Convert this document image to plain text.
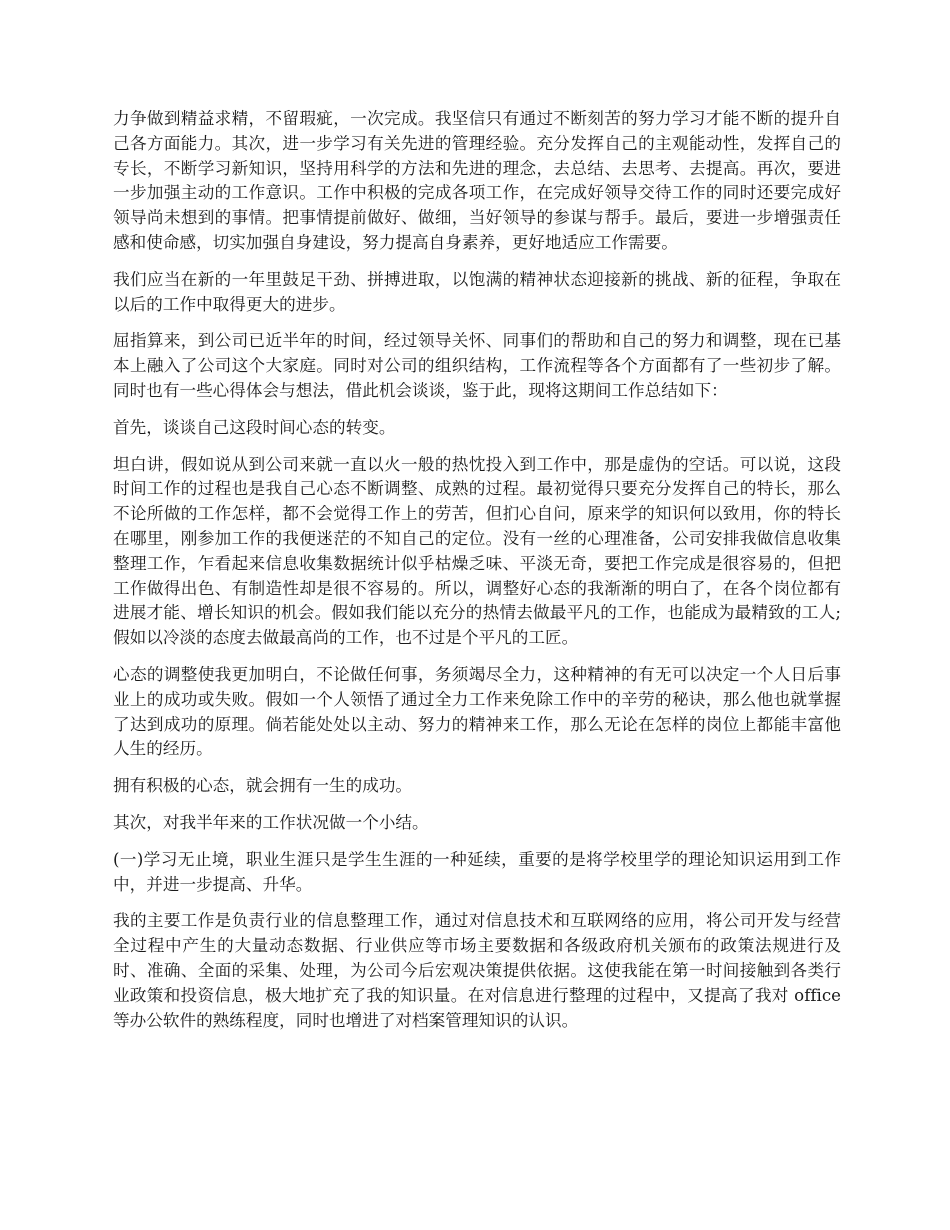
力争做到精益求精，不留瑕疵，一次完成。我坚信只有通过不断刻苦的努力学习才能不断的提升自己各方面能力。其次，进一步学习有关先进的管理经验。充分发挥自己的主观能动性，发挥自己的专长，不断学习新知识，坚持用科学的方法和先进的理念，去总结、去思考、去提高。再次，要进一步加强主动的工作意识。工作中积极的完成各项工作，在完成好领导交待工作的同时还要完成好领导尚未想到的事情。把事情提前做好、做细，当好领导的参谋与帮手。最后，要进一步增强责任感和使命感，切实加强自身建设，努力提高自身素养，更好地适应工作需要。

我们应当在新的一年里鼓足干劲、拼搏进取，以饱满的精神状态迎接新的挑战、新的征程，争取在以后的工作中取得更大的进步。

屈指算来，到公司已近半年的时间，经过领导关怀、同事们的帮助和自己的努力和调整，现在已基本上融入了公司这个大家庭。同时对公司的组织结构，工作流程等各个方面都有了一些初步了解。同时也有一些心得体会与想法，借此机会谈谈，鉴于此，现将这期间工作总结如下：

首先，谈谈自己这段时间心态的转变。

坦白讲，假如说从到公司来就一直以火一般的热忱投入到工作中，那是虚伪的空话。可以说，这段时间工作的过程也是我自己心态不断调整、成熟的过程。最初觉得只要充分发挥自己的特长，那么不论所做的工作怎样，都不会觉得工作上的劳苦，但扪心自问，原来学的知识何以致用，你的特长在哪里，刚参加工作的我便迷茫的不知自己的定位。没有一丝的心理准备，公司安排我做信息收集整理工作，乍看起来信息收集数据统计似乎枯燥乏味、平淡无奇，要把工作完成是很容易的，但把工作做得出色、有制造性却是很不容易的。所以，调整好心态的我渐渐的明白了，在各个岗位都有进展才能、增长知识的机会。假如我们能以充分的热情去做最平凡的工作，也能成为最精致的工人;假如以冷淡的态度去做最高尚的工作，也不过是个平凡的工匠。

心态的调整使我更加明白，不论做任何事，务须竭尽全力，这种精神的有无可以决定一个人日后事业上的成功或失败。假如一个人领悟了通过全力工作来免除工作中的辛劳的秘诀，那么他也就掌握了达到成功的原理。倘若能处处以主动、努力的精神来工作，那么无论在怎样的岗位上都能丰富他人生的经历。

拥有积极的心态，就会拥有一生的成功。

其次，对我半年来的工作状况做一个小结。

(一)学习无止境，职业生涯只是学生生涯的一种延续，重要的是将学校里学的理论知识运用到工作中，并进一步提高、升华。

我的主要工作是负责行业的信息整理工作，通过对信息技术和互联网络的应用，将公司开发与经营全过程中产生的大量动态数据、行业供应等市场主要数据和各级政府机关颁布的政策法规进行及时、准确、全面的采集、处理，为公司今后宏观决策提供依据。这使我能在第一时间接触到各类行业政策和投资信息，极大地扩充了我的知识量。在对信息进行整理的过程中，又提高了我对 office 等办公软件的熟练程度，同时也增进了对档案管理知识的认识。
